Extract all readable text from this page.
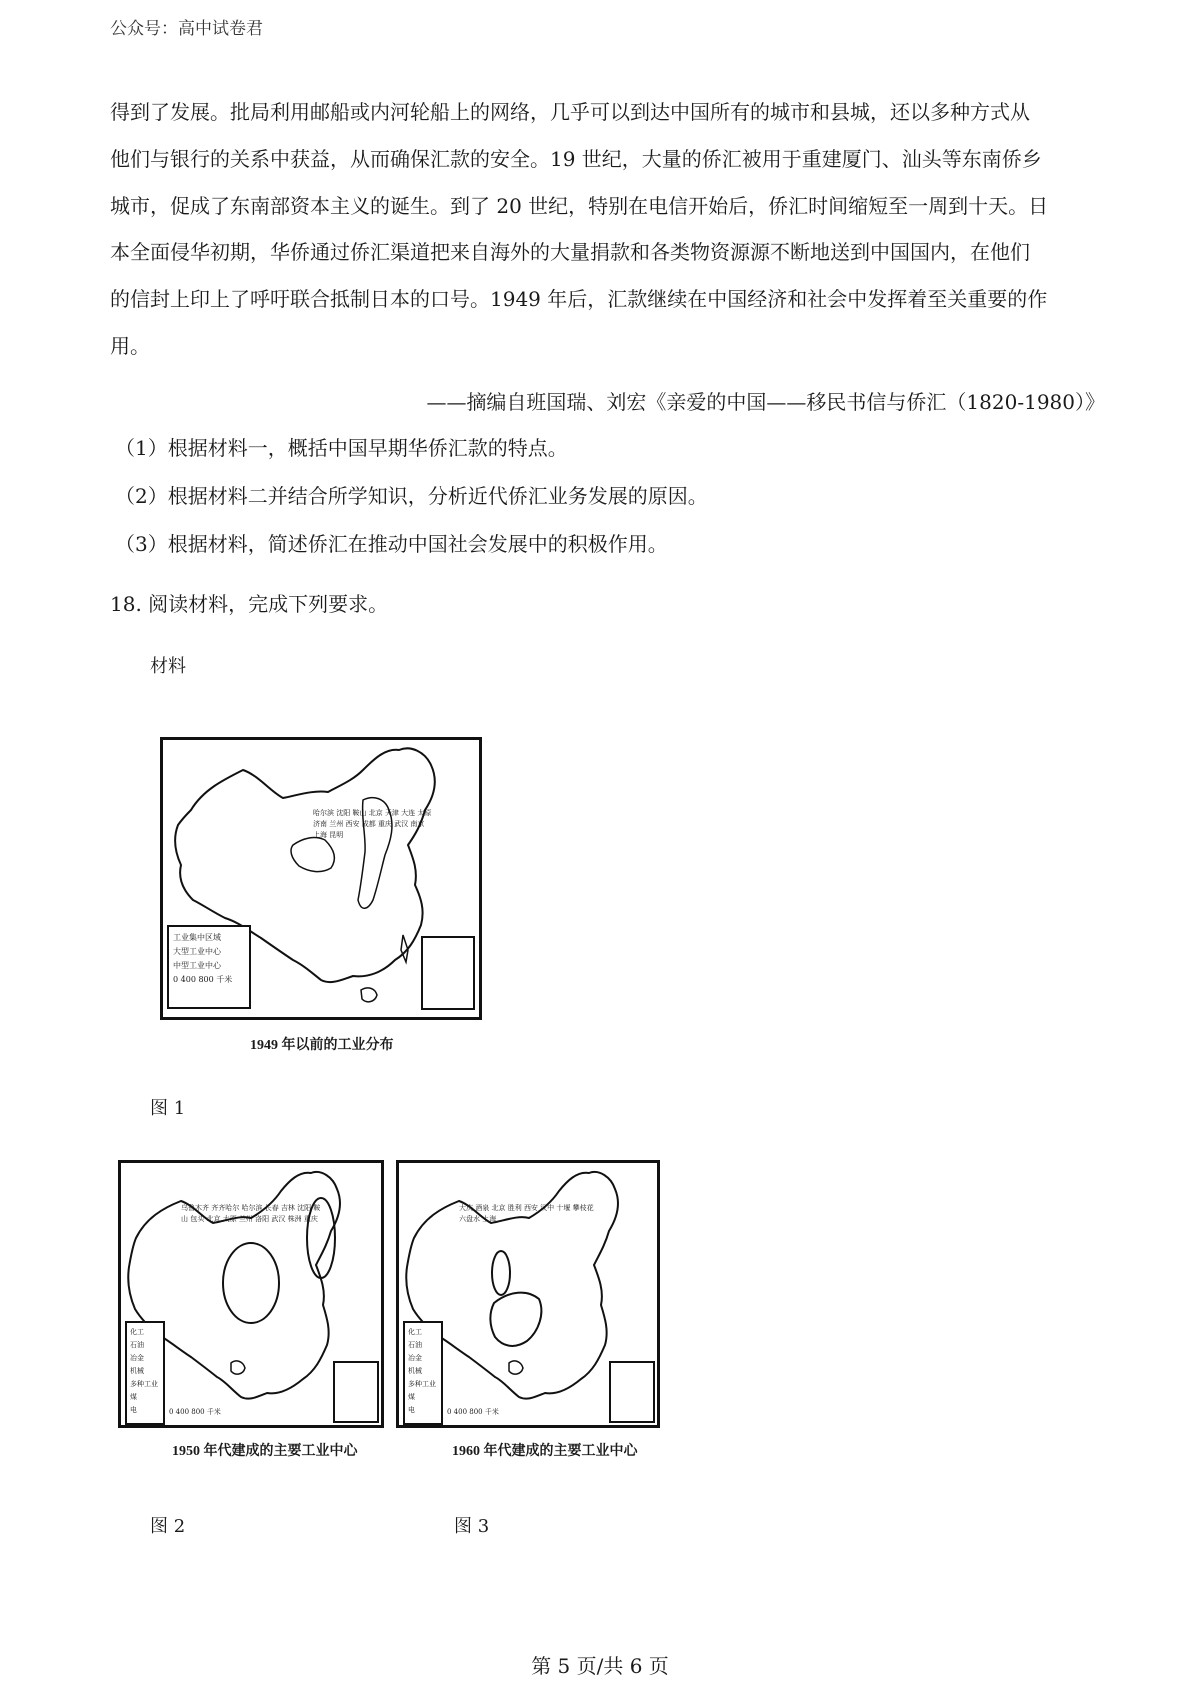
公众号：高中试卷君
得到了发展。批局利用邮船或内河轮船上的网络，几乎可以到达中国所有的城市和县城，还以多种方式从
他们与银行的关系中获益，从而确保汇款的安全。19 世纪，大量的侨汇被用于重建厦门、汕头等东南侨乡
城市，促成了东南部资本主义的诞生。到了 20 世纪，特别在电信开始后，侨汇时间缩短至一周到十天。日
本全面侵华初期，华侨通过侨汇渠道把来自海外的大量捐款和各类物资源源不断地送到中国国内，在他们
的信封上印上了呼吁联合抵制日本的口号。1949 年后，汇款继续在中国经济和社会中发挥着至关重要的作
用。
——摘编自班国瑞、刘宏《亲爱的中国——移民书信与侨汇（1820-1980）》
（1）根据材料一，概括中国早期华侨汇款的特点。
（2）根据材料二并结合所学知识，分析近代侨汇业务发展的原因。
（3）根据材料，简述侨汇在推动中国社会发展中的积极作用。
18. 阅读材料，完成下列要求。
材料
工业集中区域
大型工业中心
中型工业中心
0 400 800 千米
哈尔滨 沈阳 鞍山 北京 天津 大连 太原 济南 兰州 西安 成都 重庆 武汉 南京 上海 昆明
1949 年以前的工业分布
图 1
化工
石油
冶金
机械
多种工业
煤
电	0 400 800 千米
乌鲁木齐 齐齐哈尔 哈尔滨 长春 吉林 沈阳 鞍山 包头 北京 太原 兰州 洛阳 武汉 株洲 重庆
1950 年代建成的主要工业中心
图 2
化工
石油
冶金
机械
多种工业
煤
电	0 400 800 千米
大庆 酒泉 北京 胜利 西安 汉中 十堰 攀枝花 六盘水 上海
1960 年代建成的主要工业中心
图 3
第 5 页/共 6 页
